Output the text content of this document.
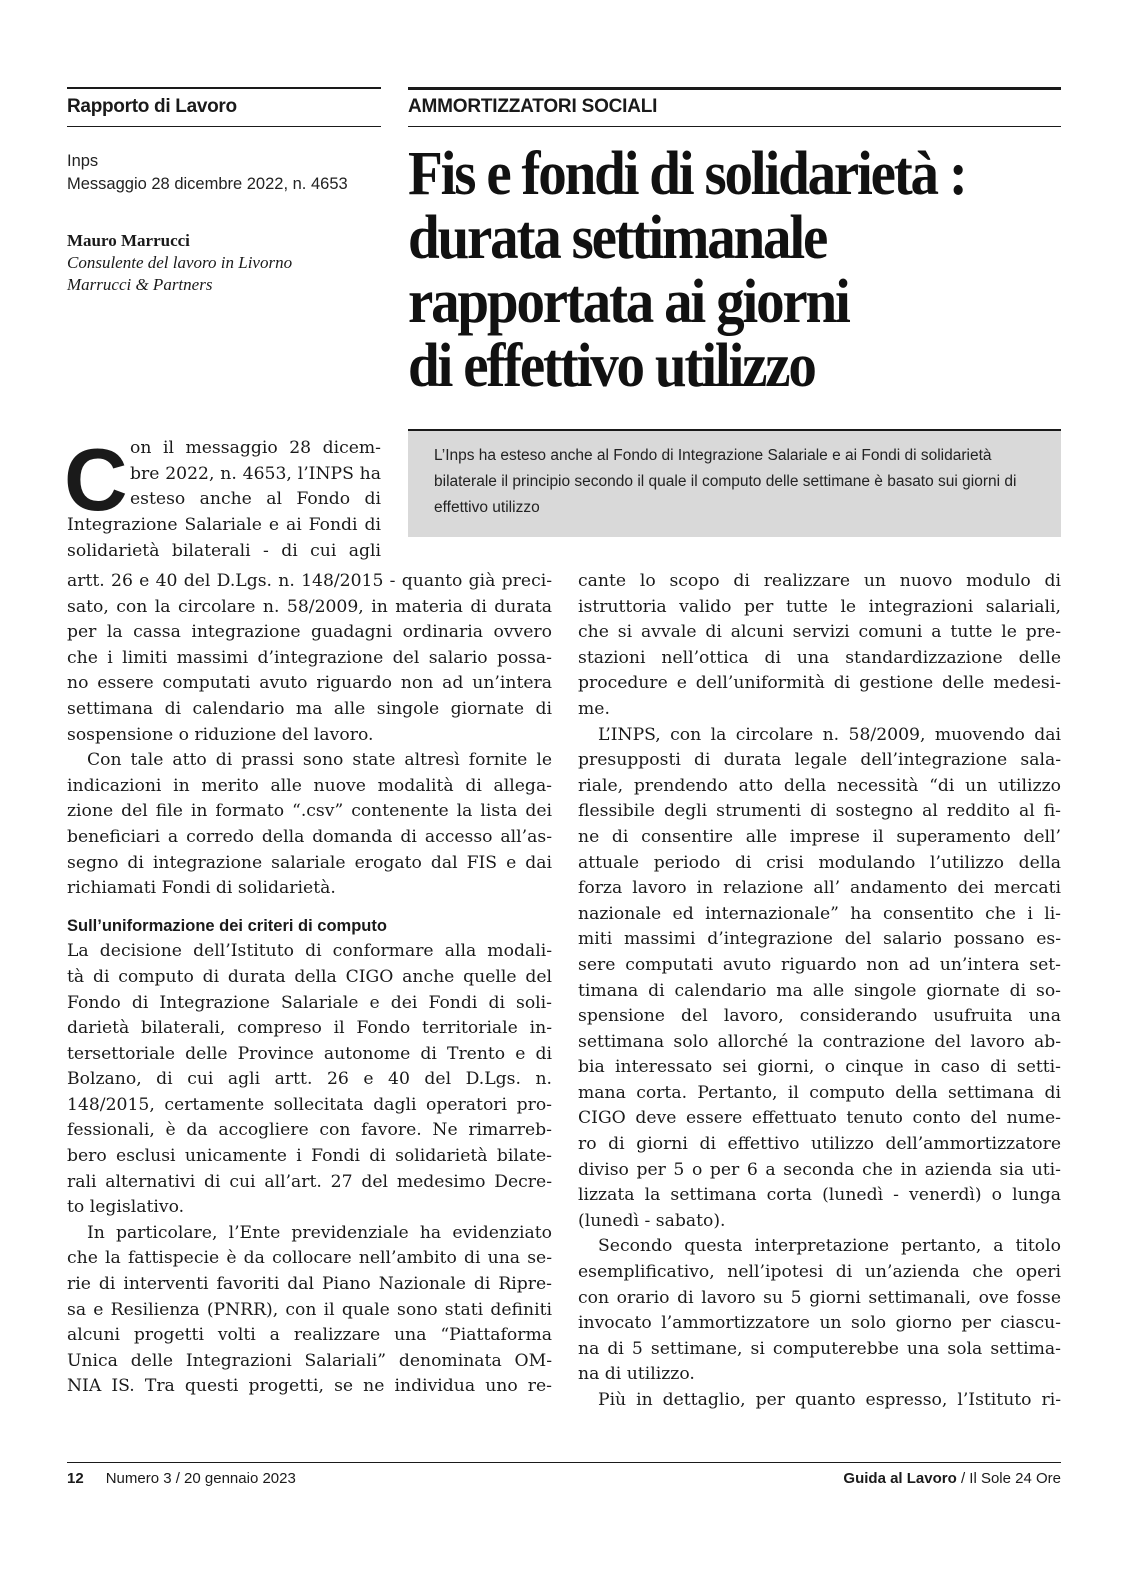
Rapporto di Lavoro	AMMORTIZZATORI SOCIALI
Inps
Messaggio 28 dicembre 2022, n. 4653
Mauro Marrucci
Consulente del lavoro in Livorno
Marrucci & Partners
Fis e fondi di solidarietà :
durata settimanale
rapportata ai giorni
di effettivo utilizzo
L’Inps ha esteso anche al Fondo di Integrazione Salariale e ai Fondi di solidarietà bilaterale il principio secondo il quale il computo delle settimane è basato sui giorni di effettivo utilizzo
C on il messaggio 28 dicem-
bre 2022, n. 4653, l’INPS ha
esteso anche al Fondo di
Integrazione Salariale e ai Fondi di
solidarietà bilaterali - di cui agli
artt. 26 e 40 del D.Lgs. n. 148/2015 - quanto già preci-
sato, con la circolare n. 58/2009, in materia di durata
per la cassa integrazione guadagni ordinaria ovvero
che i limiti massimi d’integrazione del salario possa-
no essere computati avuto riguardo non ad un’intera
settimana di calendario ma alle singole giornate di
sospensione o riduzione del lavoro.
Con tale atto di prassi sono state altresì fornite le
indicazioni in merito alle nuove modalità di allega-
zione del file in formato “.csv” contenente la lista dei
beneficiari a corredo della domanda di accesso all’as-
segno di integrazione salariale erogato dal FIS e dai
richiamati Fondi di solidarietà.
Sull’uniformazione dei criteri di computo
La decisione dell’Istituto di conformare alla modali-
tà di computo di durata della CIGO anche quelle del
Fondo di Integrazione Salariale e dei Fondi di soli-
darietà bilaterali, compreso il Fondo territoriale in-
tersettoriale delle Province autonome di Trento e di
Bolzano, di cui agli artt. 26 e 40 del D.Lgs. n.
148/2015, certamente sollecitata dagli operatori pro-
fessionali, è da accogliere con favore. Ne rimarreb-
bero esclusi unicamente i Fondi di solidarietà bilate-
rali alternativi di cui all’art. 27 del medesimo Decre-
to legislativo.
In particolare, l’Ente previdenziale ha evidenziato
che la fattispecie è da collocare nell’ambito di una se-
rie di interventi favoriti dal Piano Nazionale di Ripre-
sa e Resilienza (PNRR), con il quale sono stati definiti
alcuni progetti volti a realizzare una “Piattaforma
Unica delle Integrazioni Salariali” denominata OM-
NIA IS. Tra questi progetti, se ne individua uno re-
cante lo scopo di realizzare un nuovo modulo di
istruttoria valido per tutte le integrazioni salariali,
che si avvale di alcuni servizi comuni a tutte le pre-
stazioni nell’ottica di una standardizzazione delle
procedure e dell’uniformità di gestione delle medesi-
me.
L’INPS, con la circolare n. 58/2009, muovendo dai
presupposti di durata legale dell’integrazione sala-
riale, prendendo atto della necessità “di un utilizzo
flessibile degli strumenti di sostegno al reddito al fi-
ne di consentire alle imprese il superamento dell’
attuale periodo di crisi modulando l’utilizzo della
forza lavoro in relazione all’ andamento dei mercati
nazionale ed internazionale” ha consentito che i li-
miti massimi d’integrazione del salario possano es-
sere computati avuto riguardo non ad un’intera set-
timana di calendario ma alle singole giornate di so-
spensione del lavoro, considerando usufruita una
settimana solo allorché la contrazione del lavoro ab-
bia interessato sei giorni, o cinque in caso di setti-
mana corta. Pertanto, il computo della settimana di
CIGO deve essere effettuato tenuto conto del nume-
ro di giorni di effettivo utilizzo dell’ammortizzatore
diviso per 5 o per 6 a seconda che in azienda sia uti-
lizzata la settimana corta (lunedì - venerdì) o lunga
(lunedì - sabato).
Secondo questa interpretazione pertanto, a titolo
esemplificativo, nell’ipotesi di un’azienda che operi
con orario di lavoro su 5 giorni settimanali, ove fosse
invocato l’ammortizzatore un solo giorno per ciascu-
na di 5 settimane, si computerebbe una sola settima-
na di utilizzo.
Più in dettaglio, per quanto espresso, l’Istituto ri-
12 Numero 3 / 20 gennaio 2023	Guida al Lavoro / Il Sole 24 Ore
